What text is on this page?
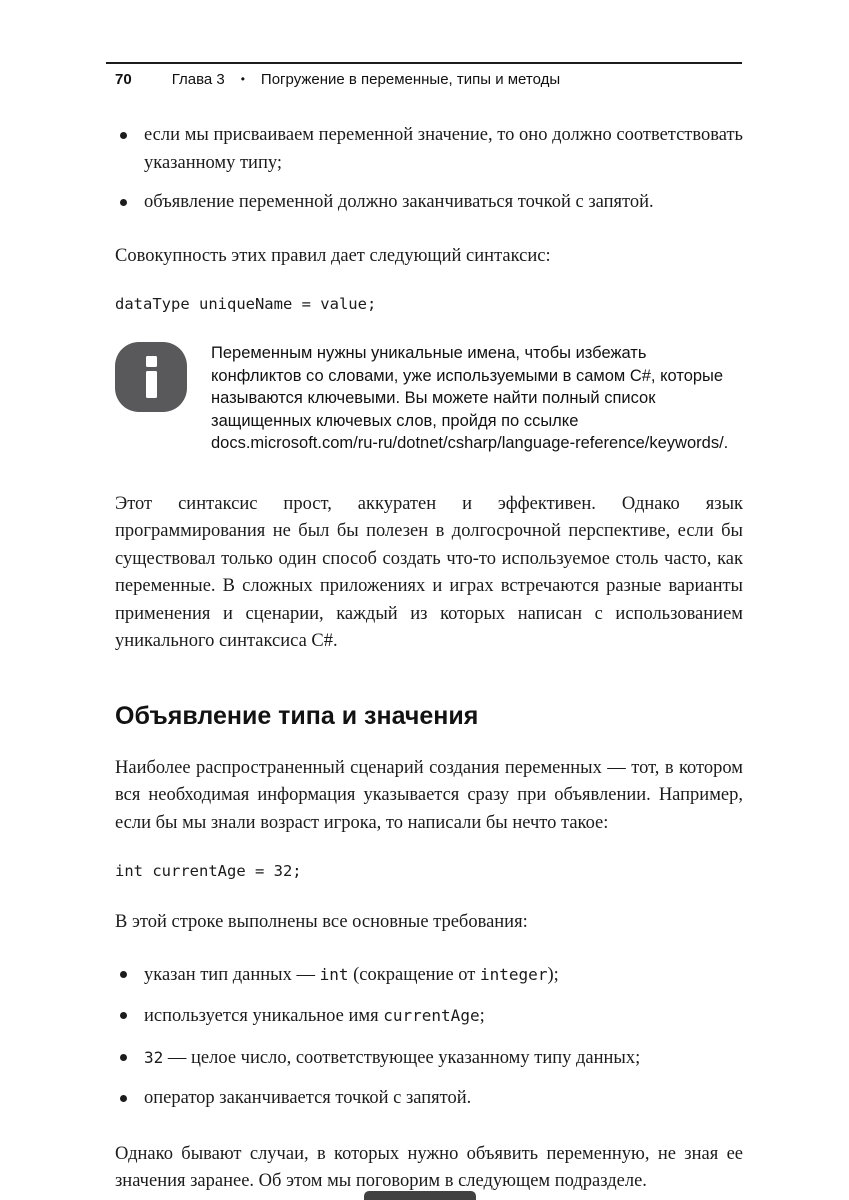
70	Глава 3 • Погружение в переменные, типы и методы
если мы присваиваем переменной значение, то оно должно соответствовать указанному типу;
объявление переменной должно заканчиваться точкой с запятой.

Совокупность этих правил дает следующий синтаксис:

dataType uniqueName = value;

Переменным нужны уникальные имена, чтобы избежать конфликтов со словами, уже используемыми в самом C#, которые называются ключевыми. Вы можете найти полный список защищенных ключевых слов, пройдя по ссылке docs.microsoft.com/ru-ru/dotnet/csharp/language-reference/keywords/.

Этот синтаксис прост, аккуратен и эффективен. Однако язык программирования не был бы полезен в долгосрочной перспективе, если бы существовал только один способ создать что-то используемое столь часто, как переменные. В сложных приложениях и играх встречаются разные варианты применения и сценарии, каждый из которых написан с использованием уникального синтаксиса C#.

Объявление типа и значения

Наиболее распространенный сценарий создания переменных — тот, в котором вся необходимая информация указывается сразу при объявлении. Например, если бы мы знали возраст игрока, то написали бы нечто такое:

int currentAge = 32;

В этой строке выполнены все основные требования:

указан тип данных — int (сокращение от integer);
используется уникальное имя currentAge;
32 — целое число, соответствующее указанному типу данных;
оператор заканчивается точкой с запятой.

Однако бывают случаи, в которых нужно объявить переменную, не зная ее значения заранее. Об этом мы поговорим в следующем подразделе.
